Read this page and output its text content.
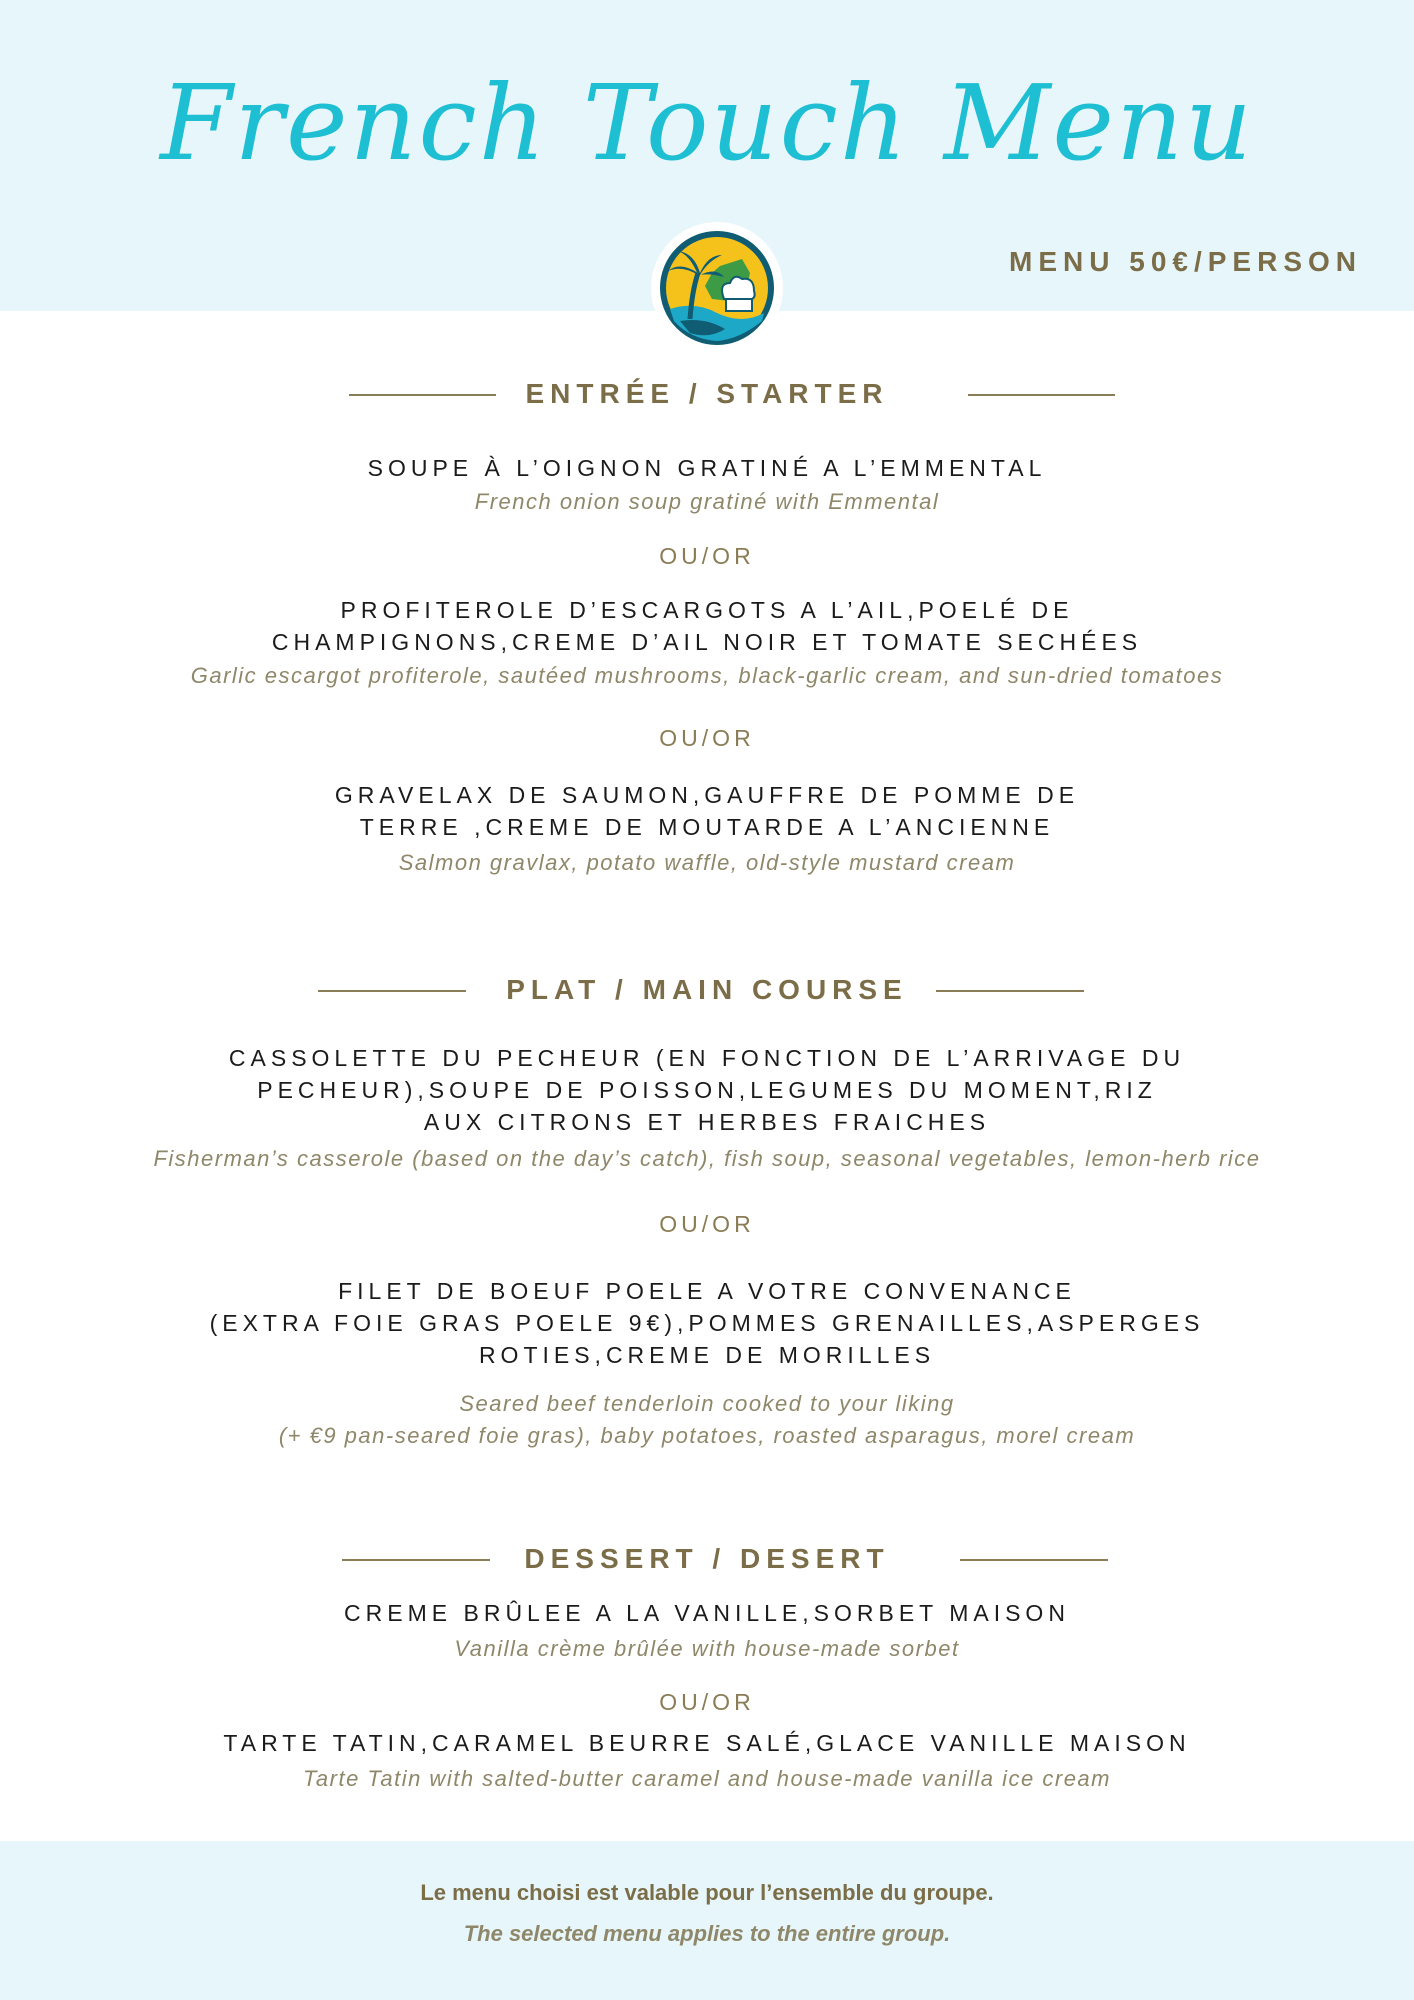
French Touch Menu
MENU 50€/PERSON
ENTRÉE / STARTER
SOUPE À L’OIGNON GRATINÉ A L’EMMENTAL
French onion soup gratiné with Emmental
OU/OR
PROFITEROLE D’ESCARGOTS A L’AIL,POELÉ DE
CHAMPIGNONS,CREME D’AIL NOIR ET TOMATE SECHÉES
Garlic escargot profiterole, sautéed mushrooms, black-garlic cream, and sun-dried tomatoes
OU/OR
GRAVELAX DE SAUMON,GAUFFRE DE POMME DE
TERRE ,CREME DE MOUTARDE A L’ANCIENNE
Salmon gravlax, potato waffle, old-style mustard cream
PLAT / MAIN COURSE
CASSOLETTE DU PECHEUR (EN FONCTION DE L’ARRIVAGE DU
PECHEUR),SOUPE DE POISSON,LEGUMES DU MOMENT,RIZ
AUX CITRONS ET HERBES FRAICHES
Fisherman’s casserole (based on the day’s catch), fish soup, seasonal vegetables, lemon-herb rice
OU/OR
FILET DE BOEUF POELE A VOTRE CONVENANCE
(EXTRA FOIE GRAS POELE 9€),POMMES GRENAILLES,ASPERGES
ROTIES,CREME DE MORILLES
Seared beef tenderloin cooked to your liking
(+ €9 pan-seared foie gras), baby potatoes, roasted asparagus, morel cream
DESSERT / DESERT
CREME BRÛLEE A LA VANILLE,SORBET MAISON
Vanilla crème brûlée with house-made sorbet
OU/OR
TARTE TATIN,CARAMEL BEURRE SALÉ,GLACE VANILLE MAISON
Tarte Tatin with salted-butter caramel and house-made vanilla ice cream
Le menu choisi est valable pour l’ensemble du groupe.
The selected menu applies to the entire group.
